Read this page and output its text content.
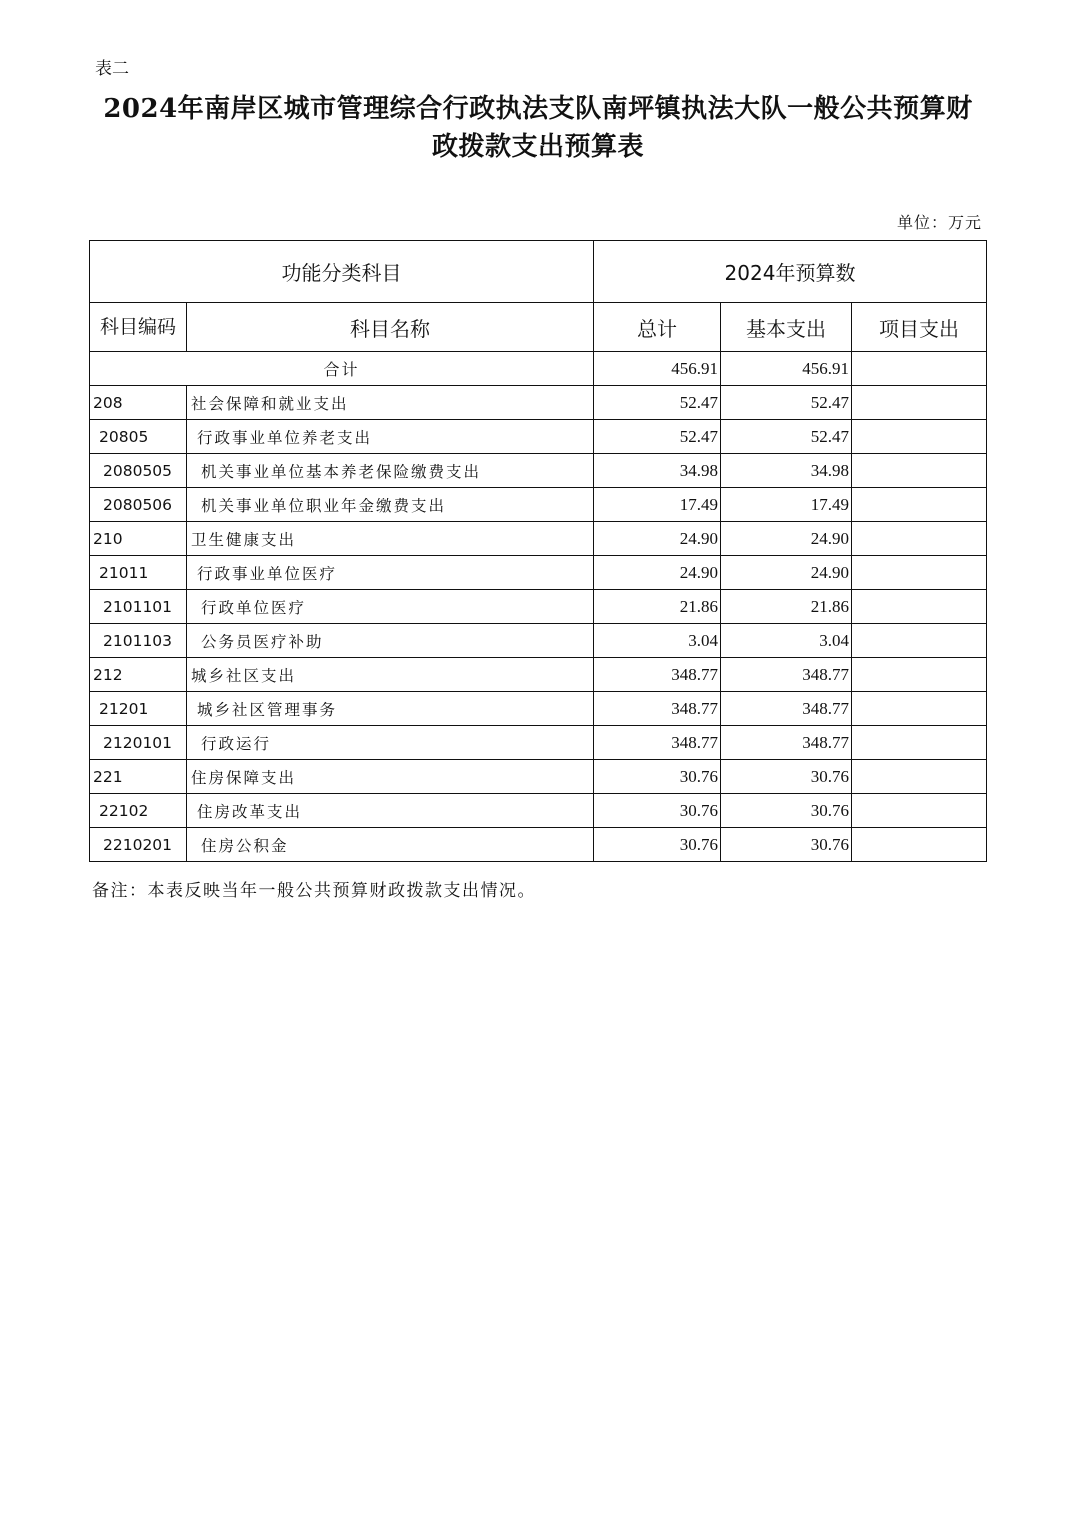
表二
2024年南岸区城市管理综合行政执法支队南坪镇执法大队一般公共预算财
政拨款支出预算表
单位：万元
功能分类科目		2024年预算数		
科目编码	科目名称	总计	基本支出	项目支出
合计		456.91	456.91	
208	社会保障和就业支出	52.47	52.47	
20805	行政事业单位养老支出	52.47	52.47	
2080505	机关事业单位基本养老保险缴费支出	34.98	34.98	
2080506	机关事业单位职业年金缴费支出	17.49	17.49	
210	卫生健康支出	24.90	24.90	
21011	行政事业单位医疗	24.90	24.90	
2101101	行政单位医疗	21.86	21.86	
2101103	公务员医疗补助	3.04	3.04	
212	城乡社区支出	348.77	348.77	
21201	城乡社区管理事务	348.77	348.77	
2120101	行政运行	348.77	348.77	
221	住房保障支出	30.76	30.76	
22102	住房改革支出	30.76	30.76	
2210201	住房公积金	30.76	30.76	
备注：本表反映当年一般公共预算财政拨款支出情况。
